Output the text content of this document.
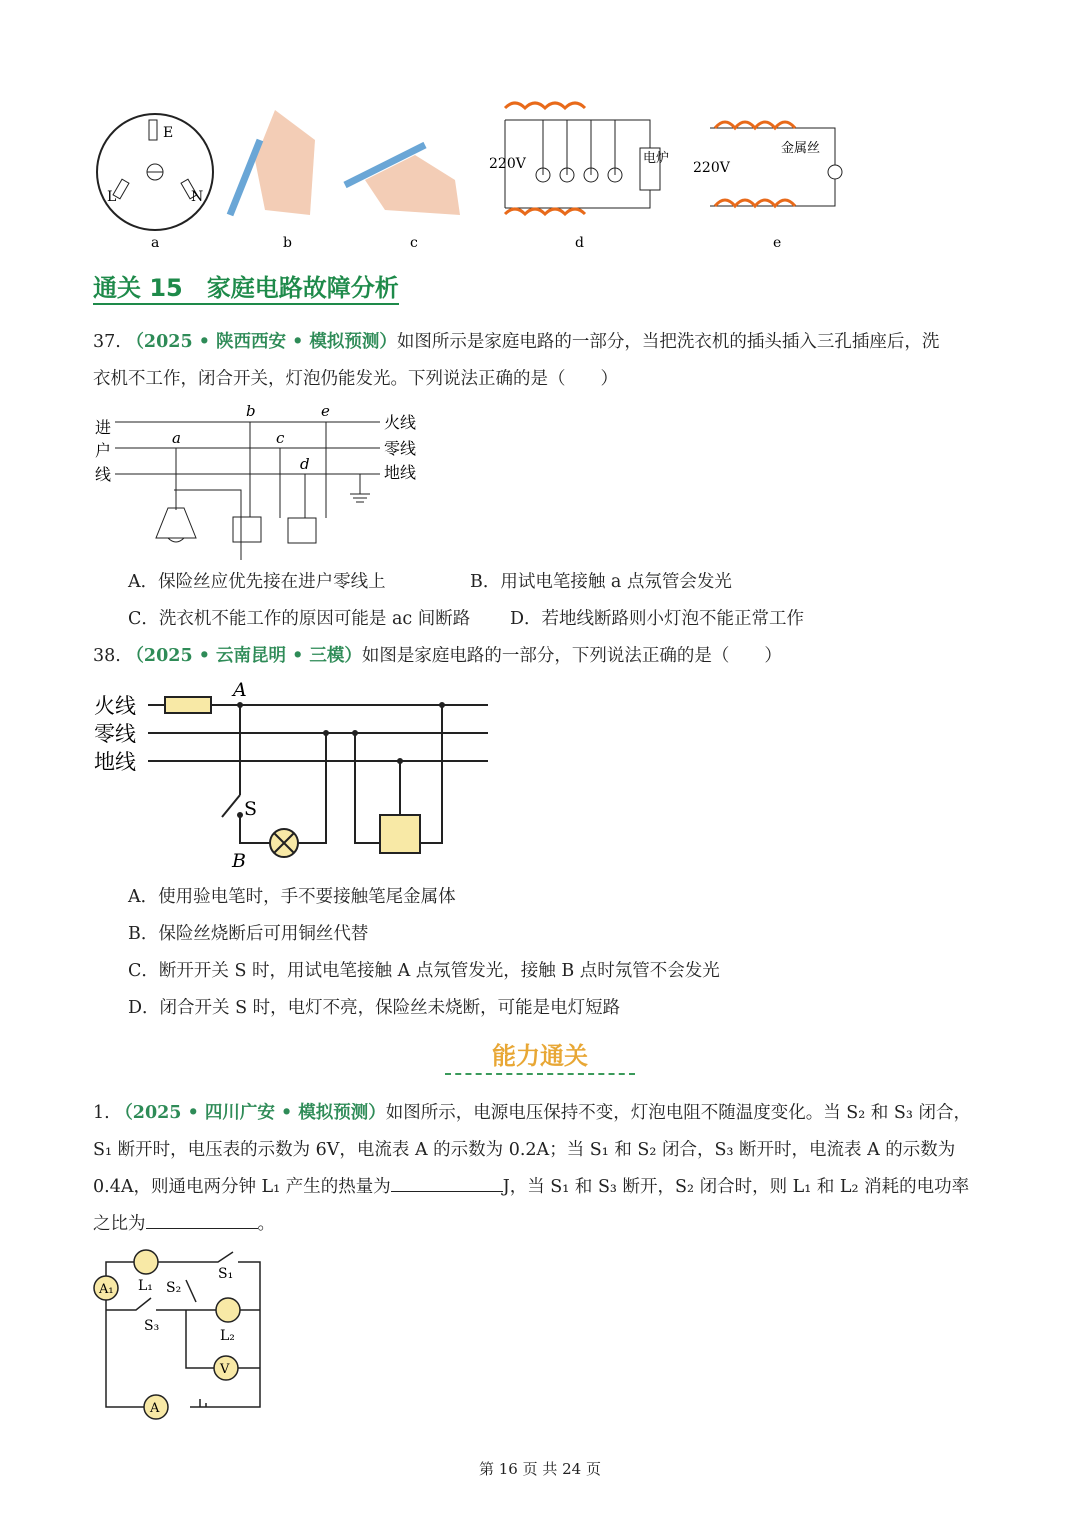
E
L	N
220V	电炉
220V
金属丝
a	b	c	d	e
通关 15　家庭电路故障分析
37. （2025 • 陕西西安 • 模拟预测）如图所示是家庭电路的一部分，当把洗衣机的插头插入三孔插座后，洗
衣机不工作，闭合开关，灯泡仍能发光。下列说法正确的是（　　）
进
户
线
火线
零线
地线
a
b
c
d
e
A．保险丝应优先接在进户零线上	B．用试电笔接触 a 点氖管会发光
C．洗衣机不能工作的原因可能是 ac 间断路 D．若地线断路则小灯泡不能正常工作
38. （2025 • 云南昆明 • 三模）如图是家庭电路的一部分，下列说法正确的是（　　）
火线
零线
地线
A
S
B
A．使用验电笔时，手不要接触笔尾金属体
B．保险丝烧断后可用铜丝代替
C．断开开关 S 时，用试电笔接触 A 点氖管发光，接触 B 点时氖管不会发光
D．闭合开关 S 时，电灯不亮，保险丝未烧断，可能是电灯短路
能力通关
1. （2025 • 四川广安 • 模拟预测）如图所示，电源电压保持不变，灯泡电阻不随温度变化。当 S₂ 和 S₃ 闭合，
S₁ 断开时，电压表的示数为 6V，电流表 A 的示数为 0.2A；当 S₁ 和 S₂ 闭合，S₃ 断开时，电流表 A 的示数为
0.4A，则通电两分钟 L₁ 产生的热量为	J，当 S₁ 和 S₃ 断开，S₂ 闭合时，则 L₁ 和 L₂ 消耗的电功率
之比为	。
A₁ L₁ S₂
S₁
S₃
L₂
V
A
第 16 页 共 24 页
